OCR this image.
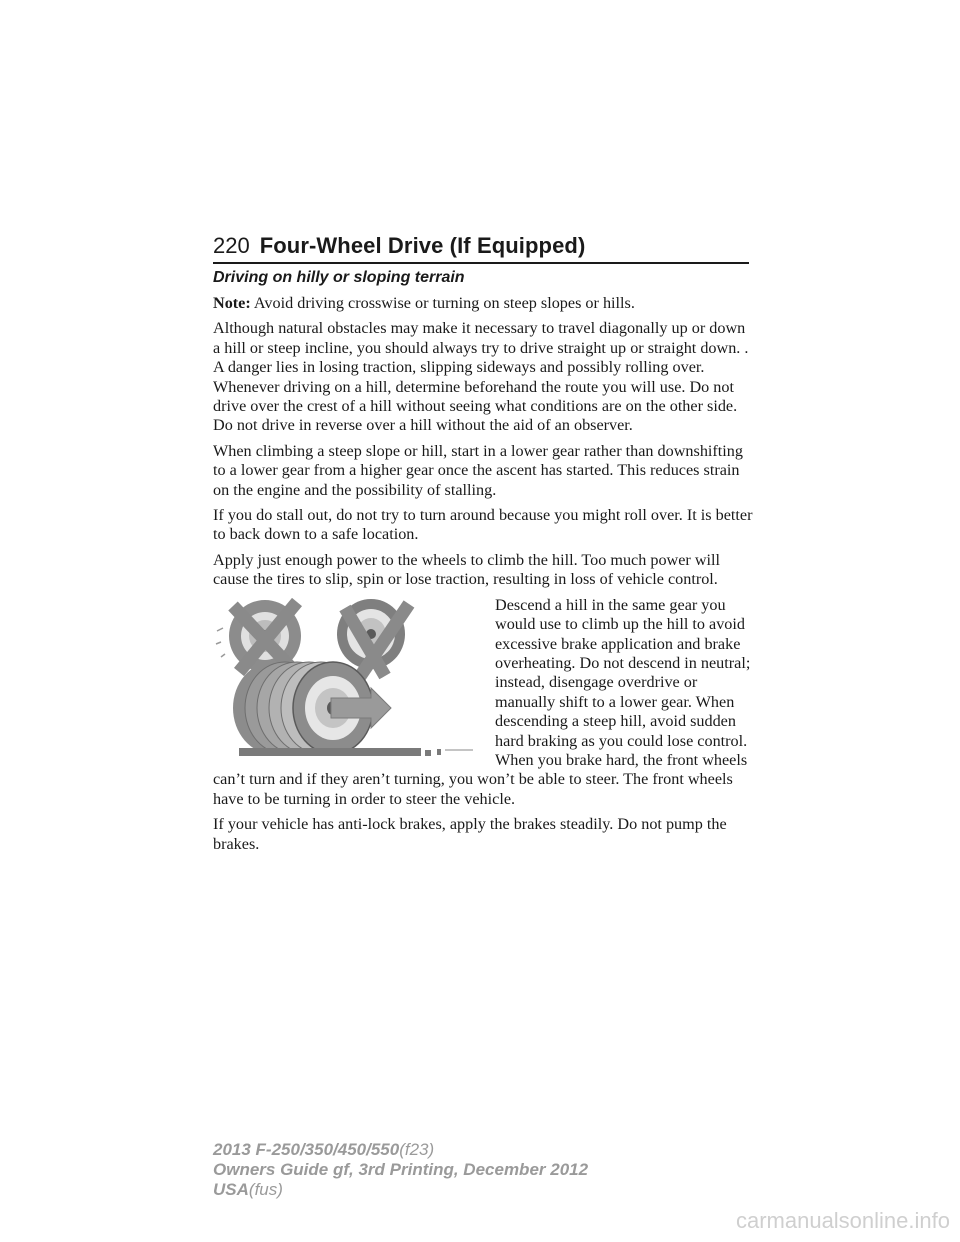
220 Four-Wheel Drive (If Equipped)
Driving on hilly or sloping terrain

Note: Avoid driving crosswise or turning on steep slopes or hills.

Although natural obstacles may make it necessary to travel diagonally up or down a hill or steep incline, you should always try to drive straight up or straight down. . A danger lies in losing traction, slipping sideways and possibly rolling over. Whenever driving on a hill, determine beforehand the route you will use. Do not drive over the crest of a hill without seeing what conditions are on the other side. Do not drive in reverse over a hill without the aid of an observer.

When climbing a steep slope or hill, start in a lower gear rather than downshifting to a lower gear from a higher gear once the ascent has started. This reduces strain on the engine and the possibility of stalling.

If you do stall out, do not try to turn around because you might roll over. It is better to back down to a safe location.

Apply just enough power to the wheels to climb the hill. Too much power will cause the tires to slip, spin or lose traction, resulting in loss of vehicle control.

Descend a hill in the same gear you would use to climb up the hill to avoid excessive brake application and brake overheating. Do not descend in neutral; instead, disengage overdrive or manually shift to a lower gear. When descending a steep hill, avoid sudden hard braking as you could lose control. When you brake hard, the front wheels can’t turn and if they aren’t turning, you won’t be able to steer. The front wheels have to be turning in order to steer the vehicle.

If your vehicle has anti-lock brakes, apply the brakes steadily. Do not pump the brakes.

2013 F-250/350/450/550(f23)
Owners Guide gf, 3rd Printing, December 2012
USA(fus)
carmanualsonline.info
